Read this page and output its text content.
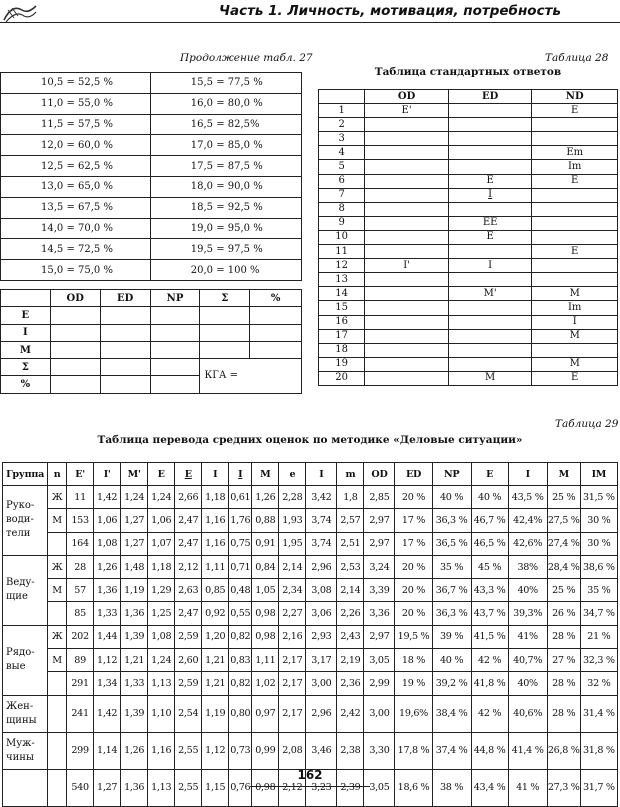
Часть 1. Личность, мотивация, потребность
Продолжение табл. 27
10,5 = 52,5 %	15,5 = 77,5 %
11,0 = 55,0 %	16,0 = 80,0 %
11,5 = 57,5 %	16,5 = 82,5%
12,0 = 60,0 %	17,0 = 85,0 %
12,5 = 62,5 %	17,5 = 87,5 %
13,0 = 65,0 %	18,0 = 90,0 %
13,5 = 67,5 %	18,5 = 92,5 %
14,0 = 70,0 %	19,0 = 95,0 %
14,5 = 72,5 %	19,5 = 97,5 %
15,0 = 75,0 %	20,0 = 100 %
	OD	ED	NP	Σ	%
E					
I					
M					
Σ				КГА =	
%					
Таблица 28
Таблица стандартных ответов
	OD	ED	ND
1	E'		E
2			
3			
4			Em
5			Im
6		E	E
7		I	
8			
9		EE	
10		E	
11			E
12	I'	I	
13			
14		M'	M
15			Im
16			I
17			M
18			
19			M
20		M	E
Таблица 29
Таблица перевода средних оценок по методике «Деловые ситуации»
Группа	n	E'	I'	M'	E	E	I	I	M	e	I	m	OD	ED	NP	E	I	M	IM
Руко-
води-
тели	Ж	11	1,42	1,24	1,24	2,66	1,18	0,61	1,26	2,28	3,42	1,8	2,85	20 %	40 %	40 %	43,5 %	25 %	31,5 %
	М	153	1,06	1,27	1,06	2,47	1,16	1,76	0,88	1,93	3,74	2,57	2,97	17 %	36,3 %	46,7 %	42,4%	27,5 %	30 %
		164	1,08	1,27	1,07	2,47	1,16	0,75	0,91	1,95	3,74	2,51	2,97	17 %	36,5 %	46,5 %	42,6%	27,4 %	30 %
Веду-
щие	Ж	28	1,26	1,48	1,18	2,12	1,11	0,71	0,84	2,14	2,96	2,53	3,24	20 %	35 %	45 %	38%	28,4 %	38,6 %
	М	57	1,36	1,19	1,29	2,63	0,85	0,48	1,05	2,34	3,08	2,14	3,39	20 %	36,7 %	43,3 %	40%	25 %	35 %
		85	1,33	1,36	1,25	2,47	0,92	0,55	0,98	2,27	3,06	2,26	3,36	20 %	36,3 %	43,7 %	39,3%	26 %	34,7 %
Рядо-
вые	Ж	202	1,44	1,39	1,08	2,59	1,20	0,82	0,98	2,16	2,93	2,43	2,97	19,5 %	39 %	41,5 %	41%	28 %	21 %
	М	89	1,12	1,21	1,24	2,60	1,21	0,83	1,11	2,17	3,17	2,19	3,05	18 %	40 %	42 %	40,7%	27 %	32,3 %
		291	1,34	1,33	1,13	2,59	1,21	0,82	1,02	2,17	3,00	2,36	2,99	19 %	39,2 %	41,8 %	40%	28 %	32 %
Жен-
щины		241	1,42	1,39	1,10	2,54	1,19	0,80	0,97	2,17	2,96	2,42	3,00	19,6%	38,4 %	42 %	40,6%	28 %	31,4 %
Муж-
чины		299	1,14	1,26	1,16	2,55	1,12	0,73	0,99	2,08	3,46	2,38	3,30	17,8 %	37,4 %	44,8 %	41,4 %	26,8 %	31,8 %
		540	1,27	1,36	1,13	2,55	1,15	0,76	0,98	2,12	3,23	2,39	3,05	18,6 %	38 %	43,4 %	41 %	27,3 %	31,7 %
162
